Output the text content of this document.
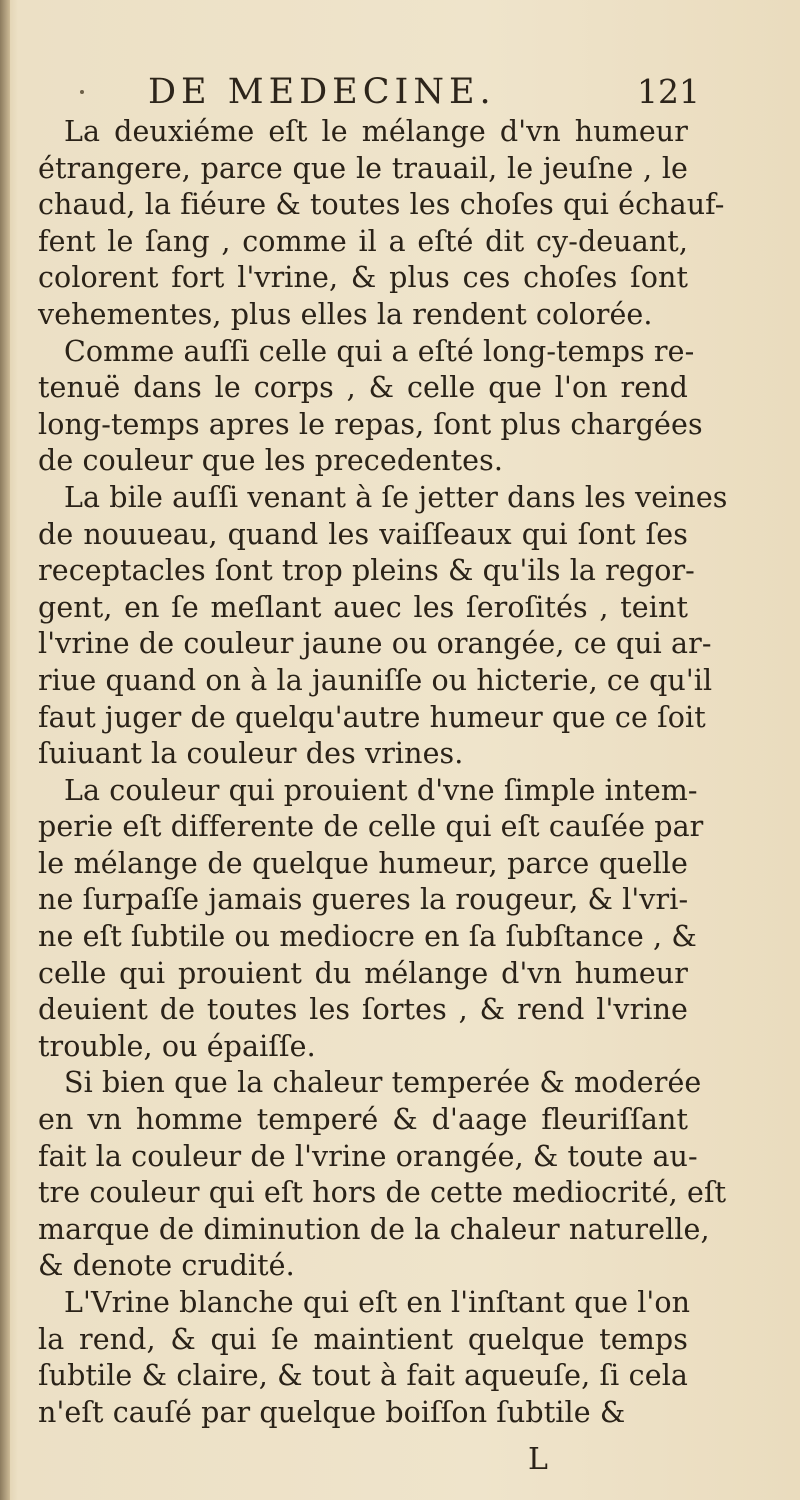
DE MEDECINE.	121
La deuxiéme eſt le mélange d'vn humeur
étrangere, parce que le trauail, le jeuſne , le
chaud, la fiéure & toutes les choſes qui échauf-
fent le ſang , comme il a eſté dit cy-deuant,
colorent fort l'vrine, & plus ces choſes ſont
vehementes, plus elles la rendent colorée.
Comme auſſi celle qui a eſté long-temps re-
tenuë dans le corps , & celle que l'on rend
long-temps apres le repas, ſont plus chargées
de couleur que les precedentes.
La bile auſſi venant à ſe jetter dans les veines
de nouueau, quand les vaiſſeaux qui ſont ſes
receptacles ſont trop pleins & qu'ils la regor-
gent, en ſe meſlant auec les ſeroſités , teint
l'vrine de couleur jaune ou orangée, ce qui ar-
riue quand on à la jauniſſe ou hicterie, ce qu'il
faut juger de quelqu'autre humeur que ce ſoit
ſuiuant la couleur des vrines.
La couleur qui prouient d'vne ſimple intem-
perie eſt differente de celle qui eſt cauſée par
le mélange de quelque humeur, parce quelle
ne ſurpaſſe jamais gueres la rougeur, & l'vri-
ne eſt ſubtile ou mediocre en ſa ſubſtance , &
celle qui prouient du mélange d'vn humeur
deuient de toutes les ſortes , & rend l'vrine
trouble, ou épaiſſe.
Si bien que la chaleur temperée & moderée
en vn homme temperé & d'aage fleuriſſant
fait la couleur de l'vrine orangée, & toute au-
tre couleur qui eſt hors de cette mediocrité, eſt
marque de diminution de la chaleur naturelle,
& denote crudité.
L'Vrine blanche qui eſt en l'inſtant que l'on
la rend, & qui ſe maintient quelque temps
ſubtile & claire, & tout à fait aqueuſe, ſi cela
n'eſt cauſé par quelque boiſſon ſubtile &
L
